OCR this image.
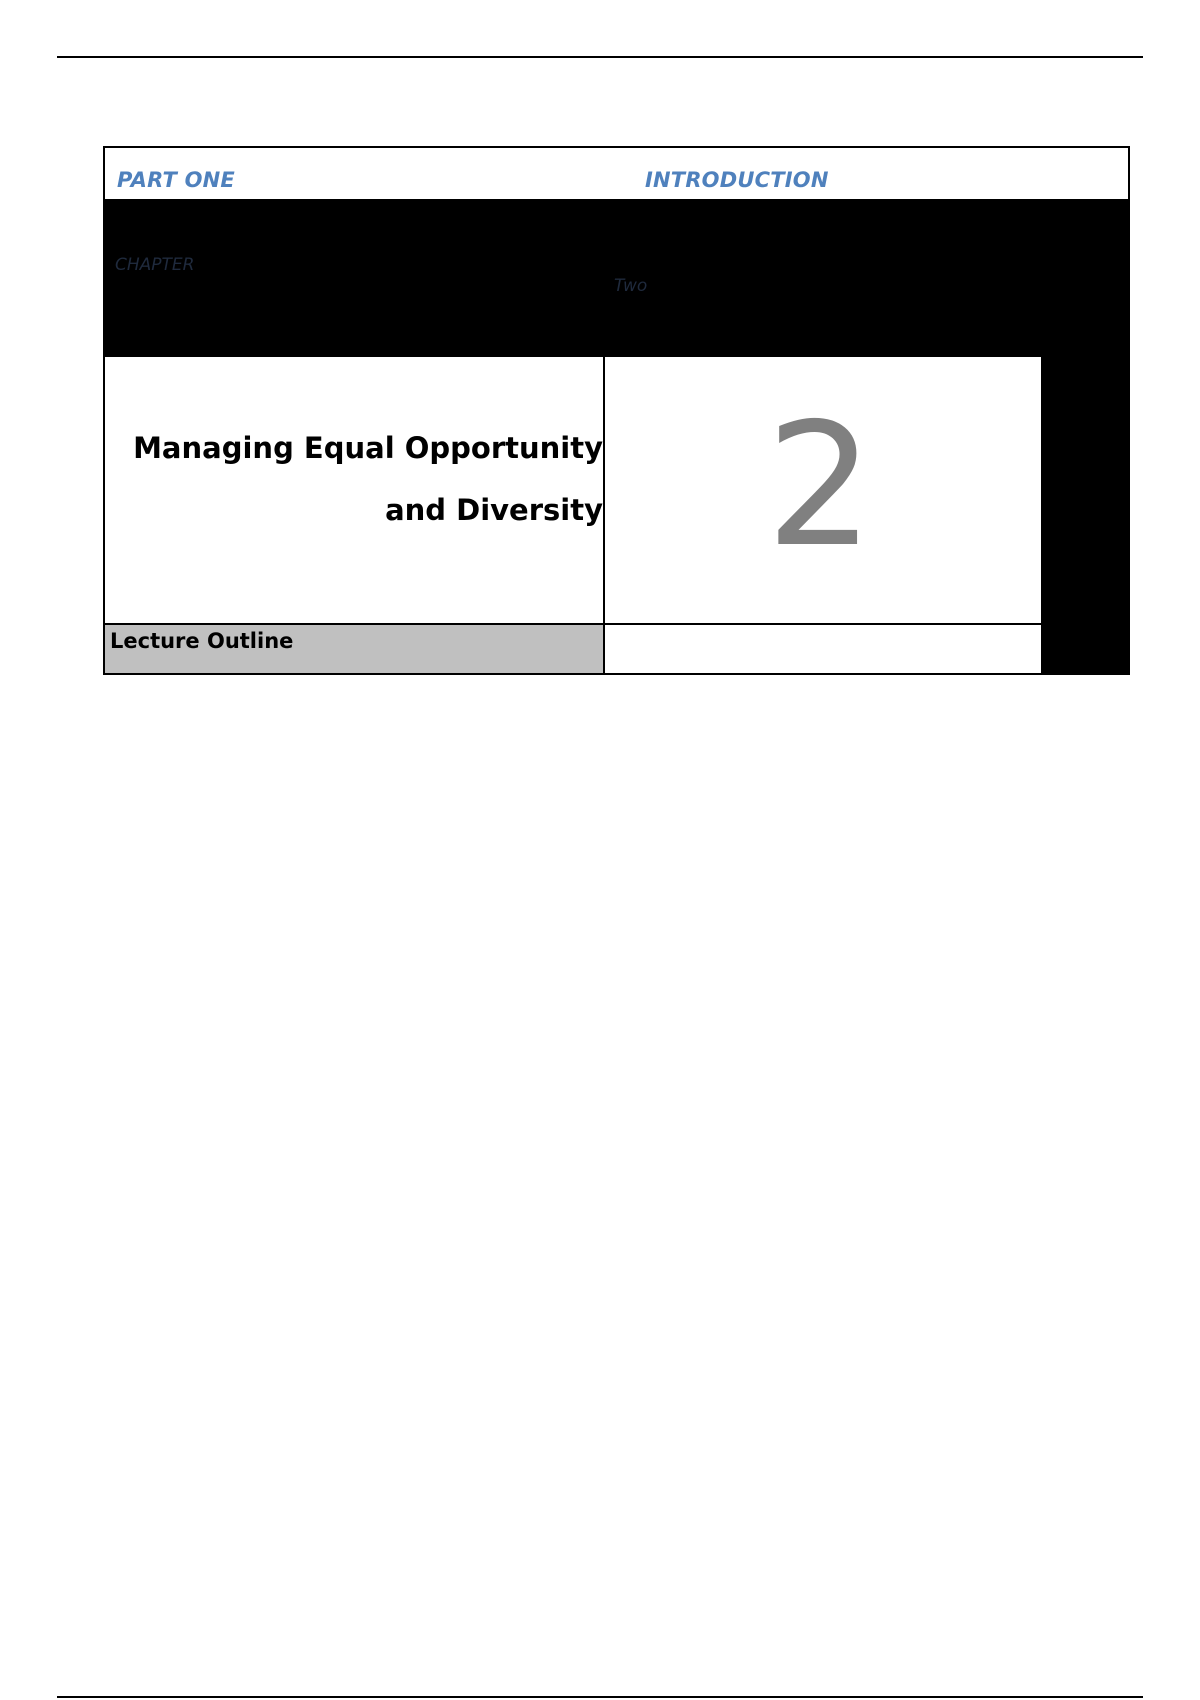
PART ONE	INTRODUCTION
CHAPTER
Two
Managing Equal Opportunity
and Diversity 2
Lecture Outline
